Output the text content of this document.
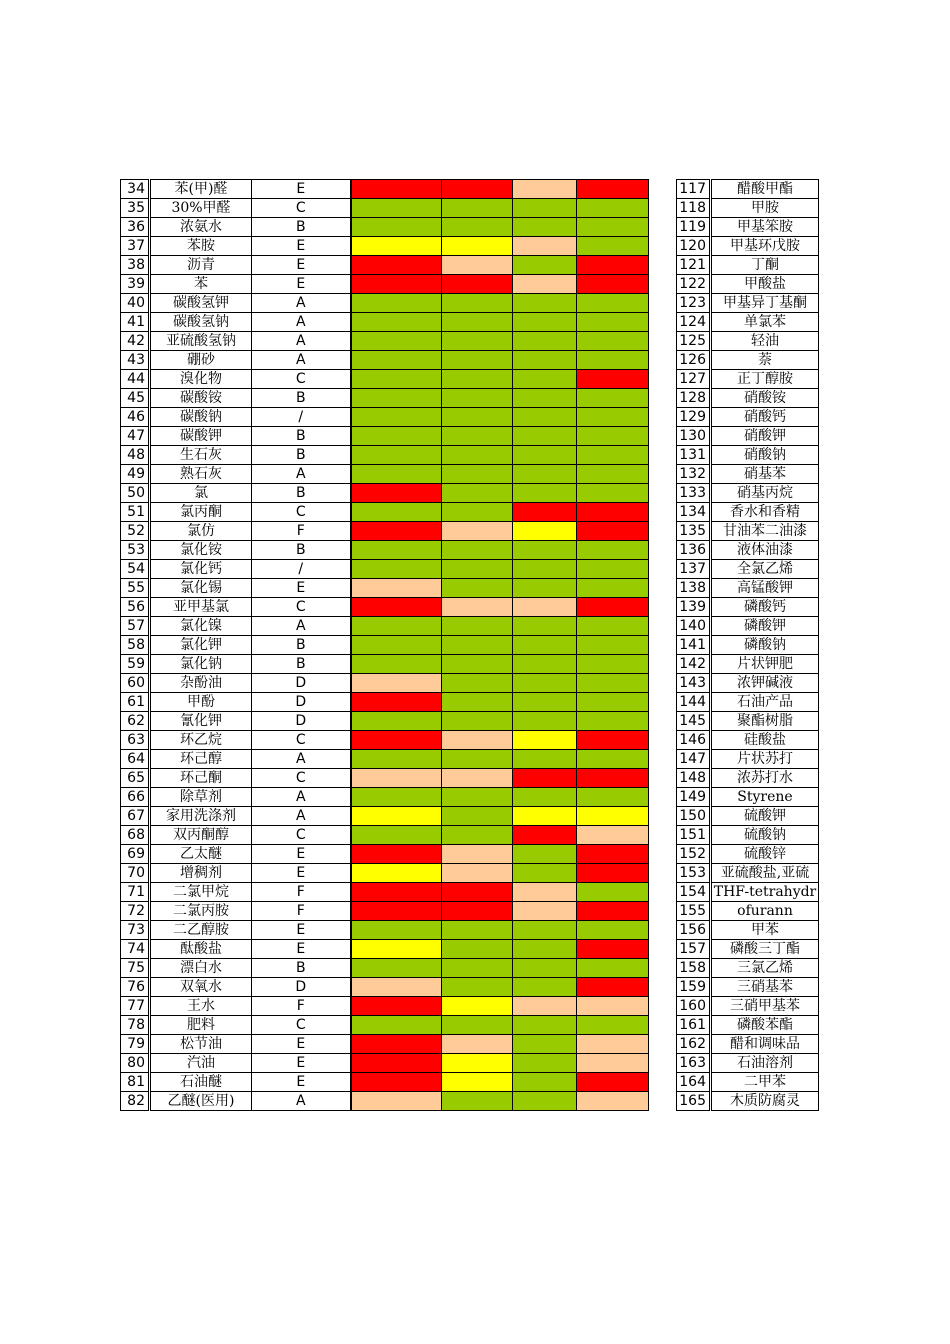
34	苯(甲)醛	E				
35	30%甲醛	C				
36	浓氨水	B				
37	苯胺	E				
38	沥青	E				
39	苯	E				
40	碳酸氢钾	A				
41	碳酸氢钠	A				
42	亚硫酸氢钠	A				
43	硼砂	A				
44	溴化物	C				
45	碳酸铵	B				
46	碳酸钠	/				
47	碳酸钾	B				
48	生石灰	B				
49	熟石灰	A				
50	氯	B				
51	氯丙酮	C				
52	氯仿	F				
53	氯化铵	B				
54	氯化钙	/				
55	氯化锡	E				
56	亚甲基氯	C				
57	氯化镍	A				
58	氯化钾	B				
59	氯化钠	B				
60	杂酚油	D				
61	甲酚	D				
62	氰化钾	D				
63	环乙烷	C				
64	环己醇	A				
65	环己酮	C				
66	除草剂	A				
67	家用洗涤剂	A				
68	双丙酮醇	C				
69	乙太醚	E				
70	增稠剂	E				
71	二氯甲烷	F				
72	二氯丙胺	F				
73	二乙醇胺	E				
74	酞酸盐	E				
75	漂白水	B				
76	双氧水	D				
77	王水	F				
78	肥料	C				
79	松节油	E				
80	汽油	E				
81	石油醚	E				
82	乙醚(医用)	A				
117	醋酸甲酯
118	甲胺
119	甲基笨胺
120	甲基环戊胺
121	丁酮
122	甲酸盐
123	甲基异丁基酮
124	单氯苯
125	轻油
126	萘
127	正丁醇胺
128	硝酸铵
129	硝酸钙
130	硝酸钾
131	硝酸钠
132	硝基苯
133	硝基丙烷
134	香水和香精
135	甘油苯二油漆
136	液体油漆
137	全氯乙烯
138	高锰酸钾
139	磷酸钙
140	磷酸钾
141	磷酸钠
142	片状钾肥
143	浓钾碱液
144	石油产品
145	聚酯树脂
146	硅酸盐
147	片状苏打
148	浓苏打水
149	Styrene
150	硫酸钾
151	硫酸钠
152	硫酸锌
153	亚硫酸盐,亚硫
154	THF-tetrahydr
155	ofurann
156	甲苯
157	磷酸三丁酯
158	三氯乙烯
159	三硝基苯
160	三硝甲基苯
161	磷酸苯酯
162	醋和调味品
163	石油溶剂
164	二甲苯
165	木质防腐灵
